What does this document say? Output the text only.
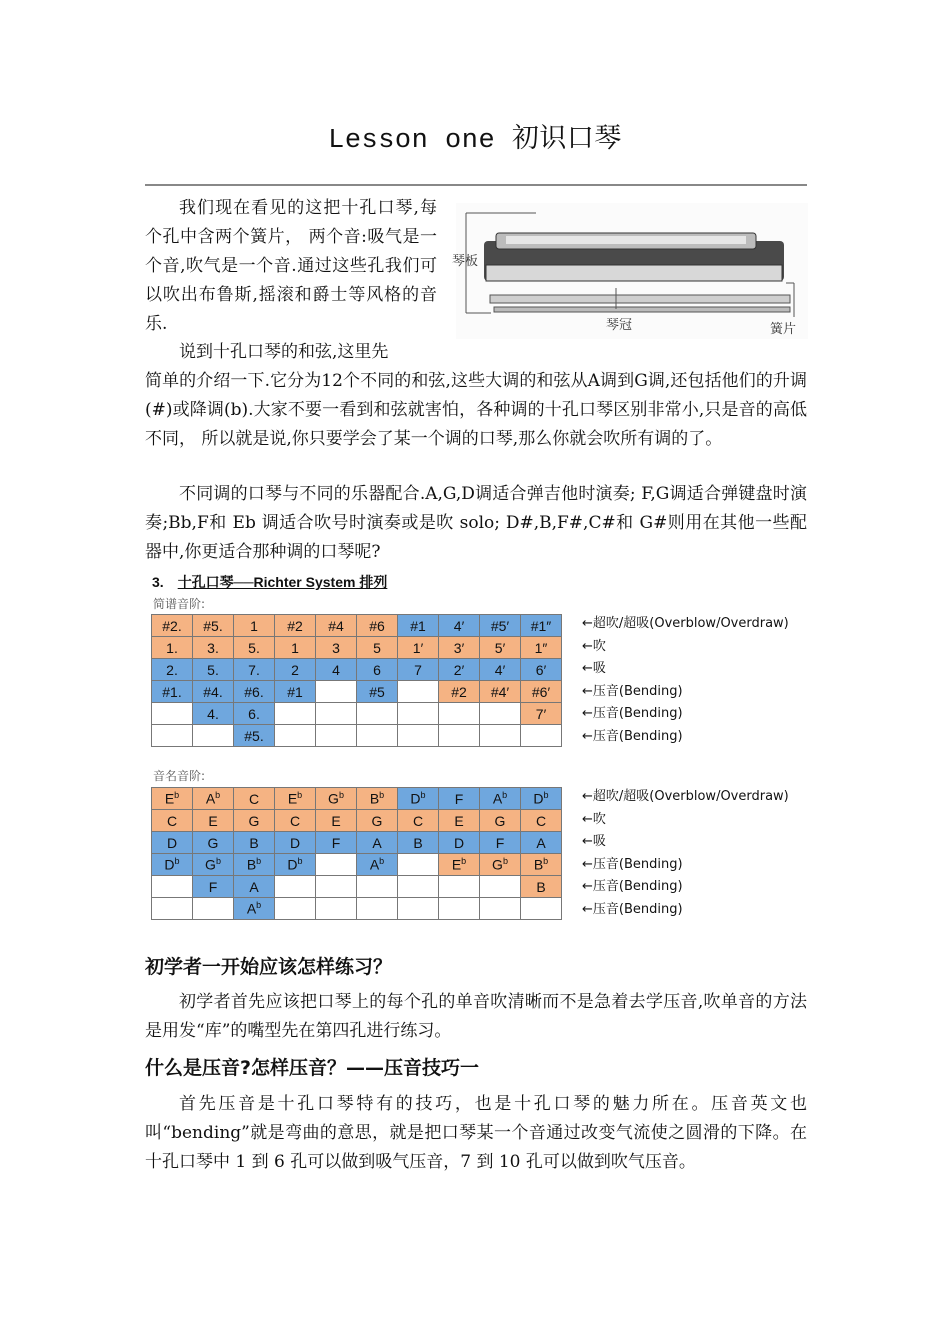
Lesson one 初识口琴

我们现在看见的这把十孔口琴,每个孔中含两个簧片， 两个音:吸气是一个音,吹气是一个音.通过这些孔我们可以吹出布鲁斯,摇滚和爵士等风格的音乐.

说到十孔口琴的和弦,这里先

简单的介绍一下.它分为12个不同的和弦,这些大调的和弦从A调到G调,还包括他们的升调(#)或降调(b).大家不要一看到和弦就害怕，各种调的十孔口琴区别非常小,只是音的高低不同， 所以就是说,你只要学会了某一个调的口琴,那么你就会吹所有调的了。

不同调的口琴与不同的乐器配合.A,G,D调适合弹吉他时演奏; F,G调适合弹键盘时演奏;Bb,F和 Eb 调适合吹号时演奏或是吹 solo; D#,B,F#,C#和 G#则用在其他一些配器中,你更适合那种调的口琴呢?

琴板
琴冠	簧片
3. 十孔口琴──Richter System 排列
简谱音阶:
#2.	#5.	1	#2	#4	#6	#1	4′	#5′	#1″
1.	3.	5.	1	3	5	1′	3′	5′	1″
2.	5.	7.	2	4	6	7	2′	4′	6′
#1.	#4.	#6.	#1		#5		#2	#4′	#6′
	4.	6.							7′
		#5.							
←超吹/超吸(Overblow/Overdraw)
←吹
←吸
←压音(Bending)
←压音(Bending)
←压音(Bending)
音名音阶:
$E^b$	$A^b$	C	$E^b$	$G^b$	$B^b$	$D^b$	F	$A^b$	$D^b$
C	E	G	C	E	G	C	E	G	C
D	G	B	D	F	A	B	D	F	A
$D^b$	$G^b$	$B^b$	$D^b$		$A^b$		$E^b$	$G^b$	$B^b$
	F	A							B
		$A^b$							
←超吹/超吸(Overblow/Overdraw)
←吹
←吸
←压音(Bending)
←压音(Bending)
←压音(Bending)
初学者一开始应该怎样练习？

初学者首先应该把口琴上的每个孔的单音吹清晰而不是急着去学压音,吹单音的方法是用发“库”的嘴型先在第四孔进行练习。

什么是压音?怎样压音？——压音技巧一

首先压音是十孔口琴特有的技巧，也是十孔口琴的魅力所在。压音英文也叫“bending”就是弯曲的意思，就是把口琴某一个音通过改变气流使之圆滑的下降。在十孔口琴中 1 到 6 孔可以做到吸气压音，7 到 10 孔可以做到吹气压音。
